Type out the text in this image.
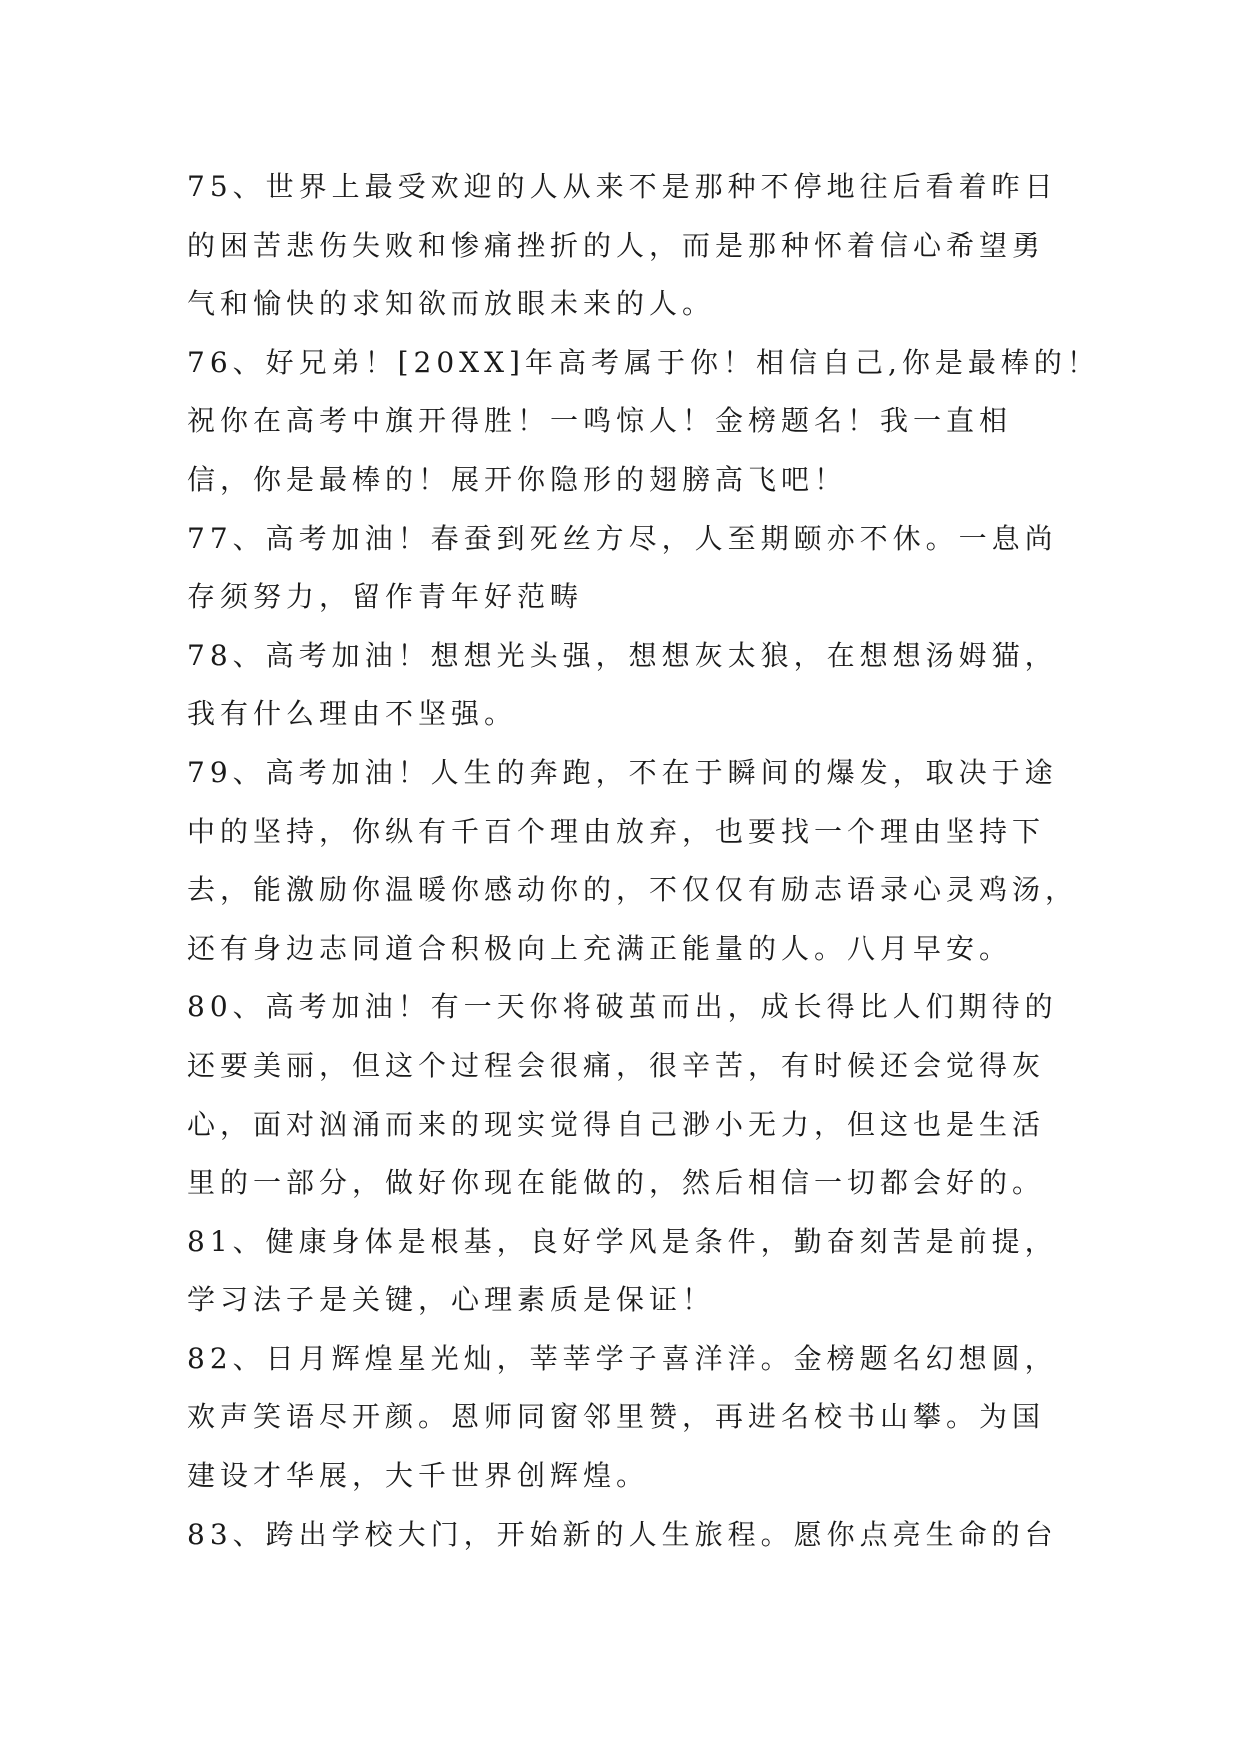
75、世界上最受欢迎的人从来不是那种不停地往后看着昨日
的困苦悲伤失败和惨痛挫折的人，而是那种怀着信心希望勇
气和愉快的求知欲而放眼未来的人。
76、好兄弟！[20XX]年高考属于你！相信自己,你是最棒的！
祝你在高考中旗开得胜！一鸣惊人！金榜题名！我一直相
信，你是最棒的！展开你隐形的翅膀高飞吧！
77、高考加油！春蚕到死丝方尽，人至期颐亦不休。一息尚
存须努力，留作青年好范畴
78、高考加油！想想光头强，想想灰太狼，在想想汤姆猫，
我有什么理由不坚强。
79、高考加油！人生的奔跑，不在于瞬间的爆发，取决于途
中的坚持，你纵有千百个理由放弃，也要找一个理由坚持下
去，能激励你温暖你感动你的，不仅仅有励志语录心灵鸡汤，
还有身边志同道合积极向上充满正能量的人。八月早安。
80、高考加油！有一天你将破茧而出，成长得比人们期待的
还要美丽，但这个过程会很痛，很辛苦，有时候还会觉得灰
心，面对汹涌而来的现实觉得自己渺小无力，但这也是生活
里的一部分，做好你现在能做的，然后相信一切都会好的。
81、健康身体是根基，良好学风是条件，勤奋刻苦是前提，
学习法子是关键，心理素质是保证！
82、日月辉煌星光灿，莘莘学子喜洋洋。金榜题名幻想圆，
欢声笑语尽开颜。恩师同窗邻里赞，再进名校书山攀。为国
建设才华展，大千世界创辉煌。
83、跨出学校大门，开始新的人生旅程。愿你点亮生命的台
